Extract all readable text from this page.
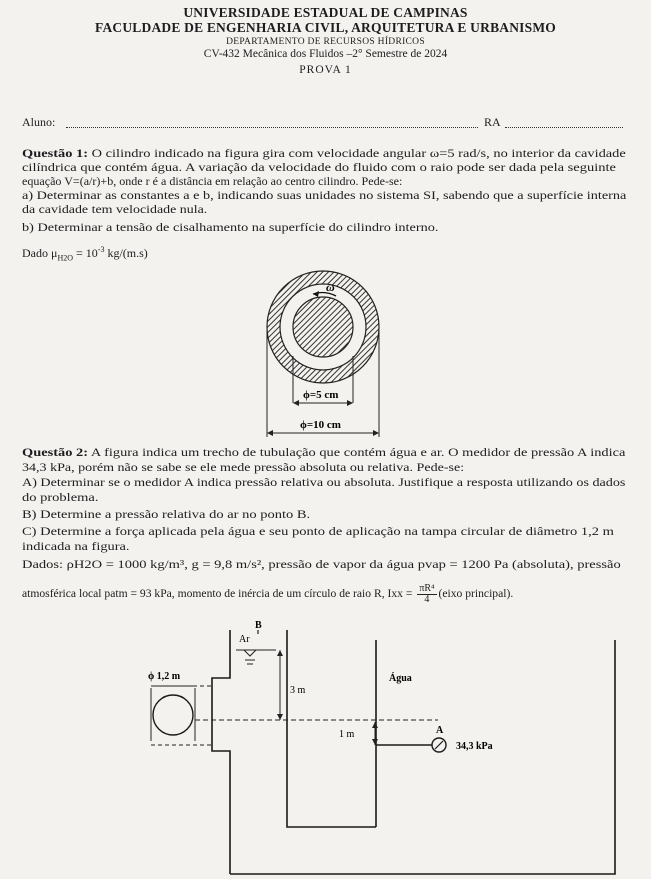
UNIVERSIDADE ESTADUAL DE CAMPINAS
FACULDADE DE ENGENHARIA CIVIL, ARQUITETURA E URBANISMO
DEPARTAMENTO DE RECURSOS HÍDRICOS
CV-432 Mecânica dos Fluidos –2° Semestre de 2024
PROVA 1
Aluno:	RA
Questão 1: O cilindro indicado na figura gira com velocidade angular ω=5 rad/s, no interior da cavidade
cilíndrica que contém água. A variação da velocidade do fluido com o raio pode ser dada pela seguinte
equação V=(a/r)+b, onde r é a distância em relação ao centro cilindro. Pede-se:
a) Determinar as constantes a e b, indicando suas unidades no sistema SI, sabendo que a superfície interna
da cavidade tem velocidade nula.
b) Determinar a tensão de cisalhamento na superfície do cilindro interno.
Dado $\mu_{H2O} = 10^{-3}$ kg/(m.s)
ω
ϕ=5 cm
ϕ=10 cm
Questão 2: A figura indica um trecho de tubulação que contém água e ar. O medidor de pressão A indica
34,3 kPa, porém não se sabe se ele mede pressão absoluta ou relativa. Pede-se:
A) Determinar se o medidor A indica pressão relativa ou absoluta. Justifique a resposta utilizando os dados
do problema.
B) Determine a pressão relativa do ar no ponto B.
C) Determine a força aplicada pela água e seu ponto de aplicação na tampa circular de diâmetro 1,2 m
indicada na figura.
Dados: ρH2O = 1000 kg/m³, g = 9,8 m/s², pressão de vapor da água pvap = 1200 Pa (absoluta), pressão
atmosférica local patm = 93 kPa, momento de inércia de um círculo de raio R, Ixx = $\frac{\text{πR⁴}}{4}$ (eixo principal).
ϕ 1,2 m
B
Ar
3 m
Água
1 m	A
34,3 kPa
